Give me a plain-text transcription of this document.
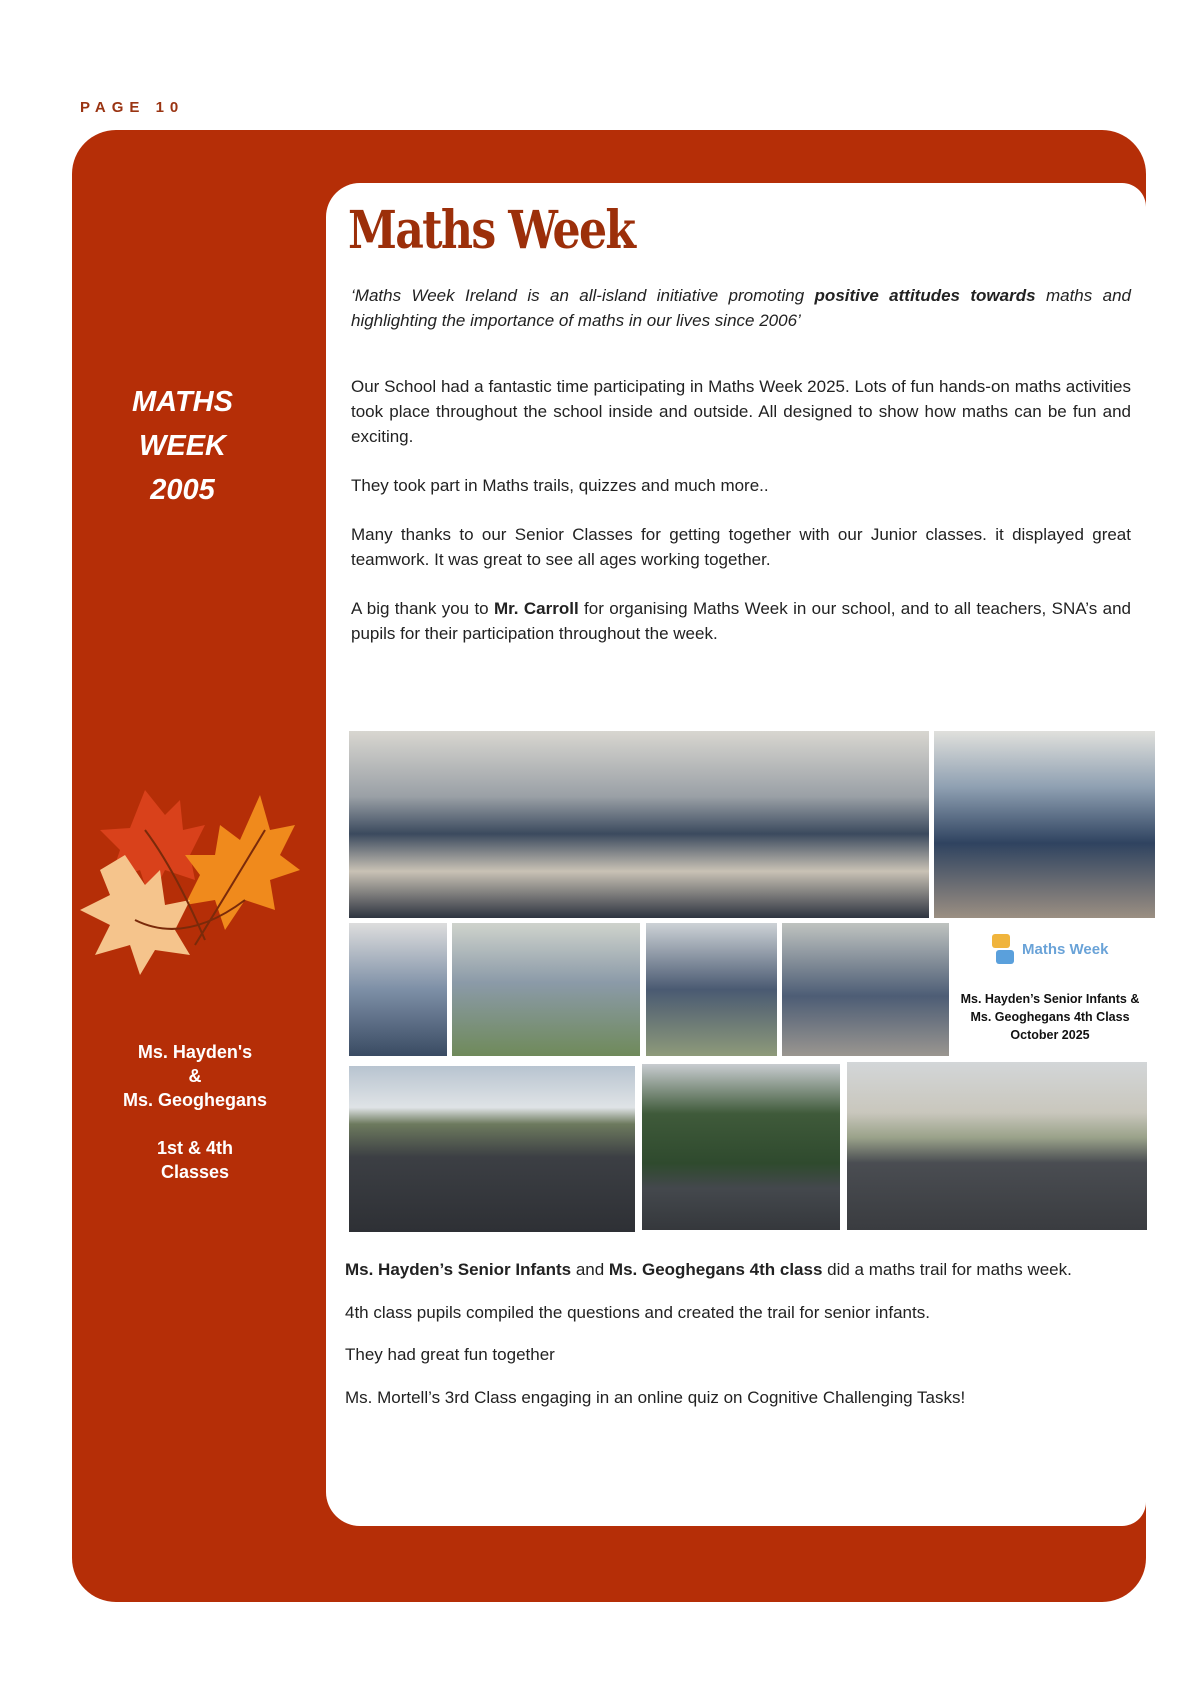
PAGE 10
Maths Week

‘Maths Week Ireland is an all-island initiative promoting positive attitudes towards maths and highlighting the importance of maths in our lives since 2006’

Our School had a fantastic time participating in Maths Week 2025. Lots of fun hands-on maths activities took place throughout the school inside and outside. All designed to show how maths can be fun and exciting.

They took part in Maths trails, quizzes and much more..

Many thanks to our Senior Classes for getting together with our Junior classes. it displayed great teamwork. It was great to see all ages working together.

A big thank you to Mr. Carroll for organising Maths Week in our school, and to all teachers, SNA’s and pupils for their participation throughout the week.

MATHS
WEEK
2005
Ms. Hayden's
&
Ms. Geoghegans
1st & 4th
Classes
Maths Week
Ms. Hayden’s Senior Infants &
Ms. Geoghegans 4th Class
October 2025

Ms. Hayden’s Senior Infants and Ms. Geoghegans 4th class did a maths trail for maths week.

4th class pupils compiled the questions and created the trail for senior infants.

They had great fun together

Ms. Mortell’s 3rd Class engaging in an online quiz on Cognitive Challenging Tasks!
